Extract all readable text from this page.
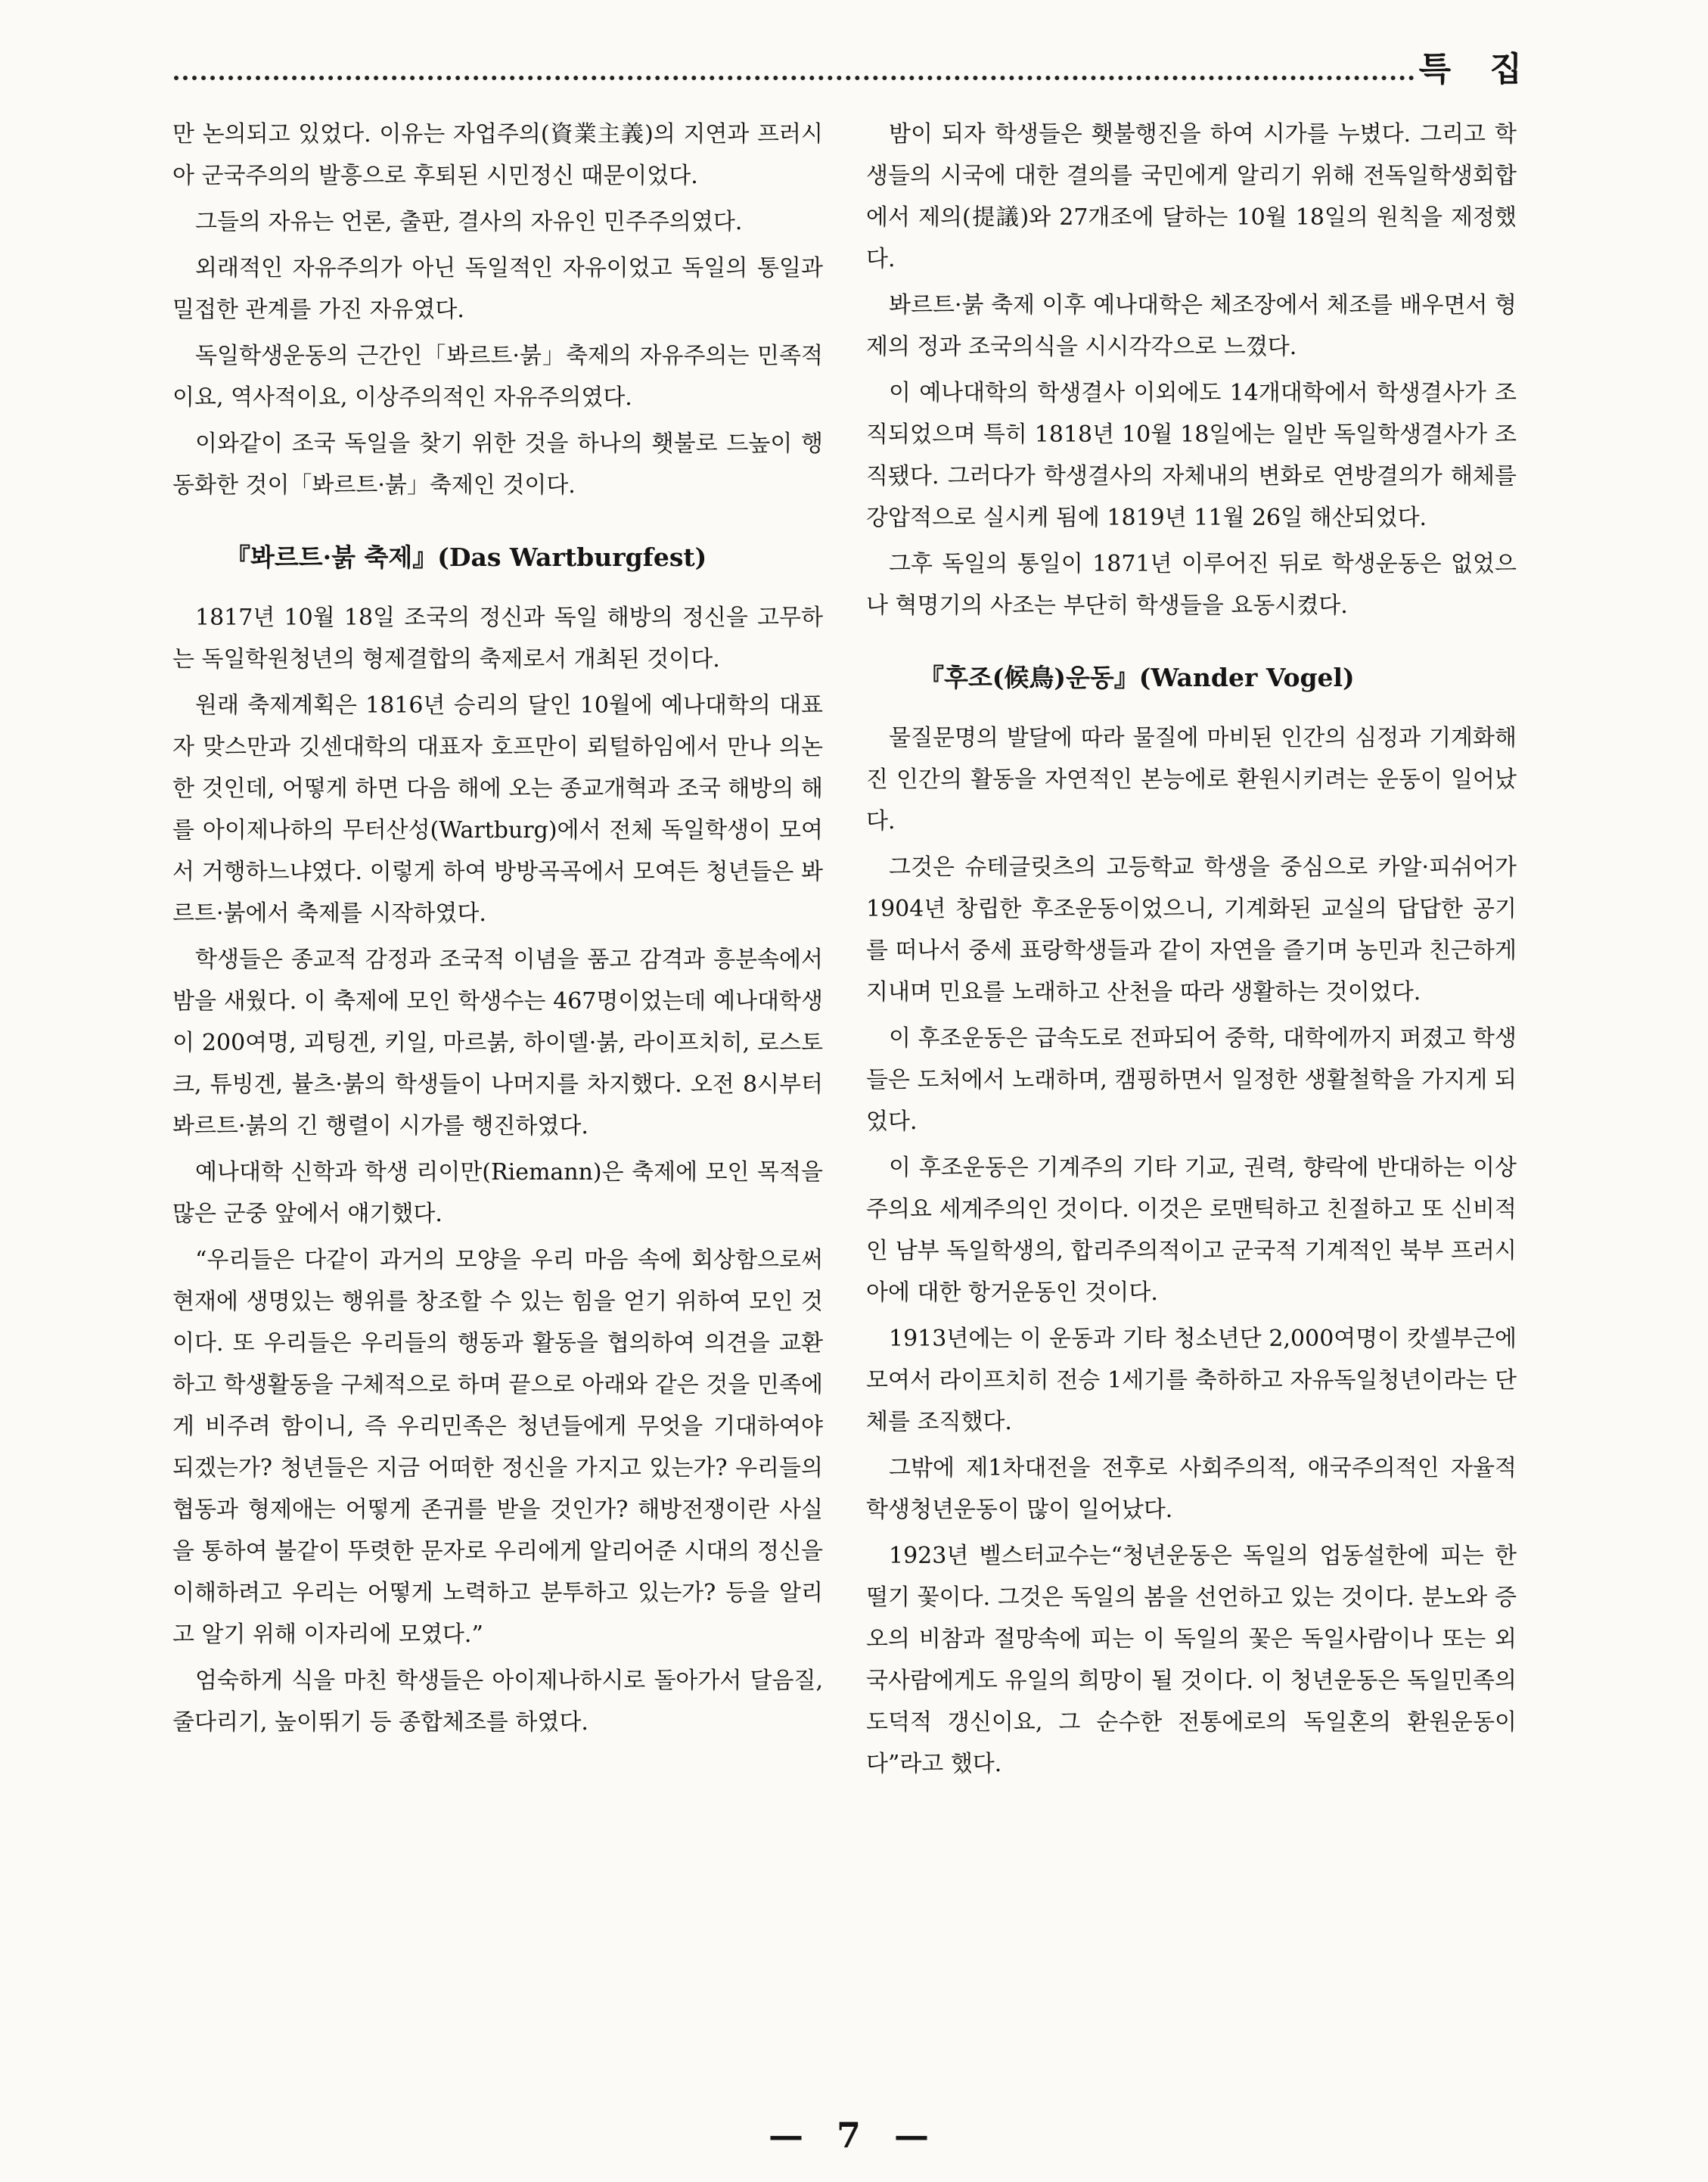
특 집

만 논의되고 있었다. 이유는 자업주의(資業主義)의 지연과 프러시아 군국주의의 발흥으로 후퇴된 시민정신 때문이었다.

그들의 자유는 언론, 출판, 결사의 자유인 민주주의였다.

외래적인 자유주의가 아닌 독일적인 자유이었고 독일의 통일과 밀접한 관계를 가진 자유였다.

독일학생운동의 근간인「봐르트·붉」축제의 자유주의는 민족적이요, 역사적이요, 이상주의적인 자유주의였다.

이와같이 조국 독일을 찾기 위한 것을 하나의 횃불로 드높이 행동화한 것이「봐르트·붉」축제인 것이다.

『봐르트·붉 축제』(Das Wartburgfest)

1817년 10월 18일 조국의 정신과 독일 해방의 정신을 고무하는 독일학원청년의 형제결합의 축제로서 개최된 것이다.

원래 축제계획은 1816년 승리의 달인 10월에 예나대학의 대표자 맞스만과 깃센대학의 대표자 호프만이 뢰털하임에서 만나 의논한 것인데, 어떻게 하면 다음 해에 오는 종교개혁과 조국 해방의 해를 아이제나하의 무터산성(Wartburg)에서 전체 독일학생이 모여서 거행하느냐였다. 이렇게 하여 방방곡곡에서 모여든 청년들은 봐르트·붉에서 축제를 시작하였다.

학생들은 종교적 감정과 조국적 이념을 품고 감격과 흥분속에서 밤을 새웠다. 이 축제에 모인 학생수는 467명이었는데 예나대학생이 200여명, 괴팅겐, 키일, 마르붉, 하이델·붉, 라이프치히, 로스토크, 튜빙겐, 뷸츠·붉의 학생들이 나머지를 차지했다. 오전 8시부터 봐르트·붉의 긴 행렬이 시가를 행진하였다.

예나대학 신학과 학생 리이만(Riemann)은 축제에 모인 목적을 많은 군중 앞에서 얘기했다.

“우리들은 다같이 과거의 모양을 우리 마음 속에 회상함으로써 현재에 생명있는 행위를 창조할 수 있는 힘을 얻기 위하여 모인 것이다. 또 우리들은 우리들의 행동과 활동을 협의하여 의견을 교환하고 학생활동을 구체적으로 하며 끝으로 아래와 같은 것을 민족에게 비주려 함이니, 즉 우리민족은 청년들에게 무엇을 기대하여야 되겠는가? 청년들은 지금 어떠한 정신을 가지고 있는가? 우리들의 협동과 형제애는 어떻게 존귀를 받을 것인가? 해방전쟁이란 사실을 통하여 불같이 뚜렷한 문자로 우리에게 알리어준 시대의 정신을 이해하려고 우리는 어떻게 노력하고 분투하고 있는가? 등을 알리고 알기 위해 이자리에 모였다.”

엄숙하게 식을 마친 학생들은 아이제나하시로 돌아가서 달음질, 줄다리기, 높이뛰기 등 종합체조를 하였다.

밤이 되자 학생들은 횃불행진을 하여 시가를 누볐다. 그리고 학생들의 시국에 대한 결의를 국민에게 알리기 위해 전독일학생회합에서 제의(提議)와 27개조에 달하는 10월 18일의 원칙을 제정했다.

봐르트·붉 축제 이후 예나대학은 체조장에서 체조를 배우면서 형제의 정과 조국의식을 시시각각으로 느꼈다.

이 예나대학의 학생결사 이외에도 14개대학에서 학생결사가 조직되었으며 특히 1818년 10월 18일에는 일반 독일학생결사가 조직됐다. 그러다가 학생결사의 자체내의 변화로 연방결의가 해체를 강압적으로 실시케 됨에 1819년 11월 26일 해산되었다.

그후 독일의 통일이 1871년 이루어진 뒤로 학생운동은 없었으나 혁명기의 사조는 부단히 학생들을 요동시켰다.

『후조(候鳥)운동』(Wander Vogel)

물질문명의 발달에 따라 물질에 마비된 인간의 심정과 기계화해진 인간의 활동을 자연적인 본능에로 환원시키려는 운동이 일어났다.

그것은 슈테글릿츠의 고등학교 학생을 중심으로 카알·피쉬어가 1904년 창립한 후조운동이었으니, 기계화된 교실의 답답한 공기를 떠나서 중세 표랑학생들과 같이 자연을 즐기며 농민과 친근하게 지내며 민요를 노래하고 산천을 따라 생활하는 것이었다.

이 후조운동은 급속도로 전파되어 중학, 대학에까지 퍼졌고 학생들은 도처에서 노래하며, 캠핑하면서 일정한 생활철학을 가지게 되었다.

이 후조운동은 기계주의 기타 기교, 권력, 향락에 반대하는 이상주의요 세계주의인 것이다. 이것은 로맨틱하고 친절하고 또 신비적인 남부 독일학생의, 합리주의적이고 군국적 기계적인 북부 프러시아에 대한 항거운동인 것이다.

1913년에는 이 운동과 기타 청소년단 2,000여명이 캇셀부근에 모여서 라이프치히 전승 1세기를 축하하고 자유독일청년이라는 단체를 조직했다.

그밖에 제1차대전을 전후로 사회주의적, 애국주의적인 자율적 학생청년운동이 많이 일어났다.

1923년 벨스터교수는“청년운동은 독일의 업동설한에 피는 한떨기 꽃이다. 그것은 독일의 봄을 선언하고 있는 것이다. 분노와 증오의 비참과 절망속에 피는 이 독일의 꽃은 독일사람이나 또는 외국사람에게도 유일의 희망이 될 것이다. 이 청년운동은 독일민족의 도덕적 갱신이요, 그 순수한 전통에로의 독일혼의 환원운동이다”라고 했다.

— 7 —
